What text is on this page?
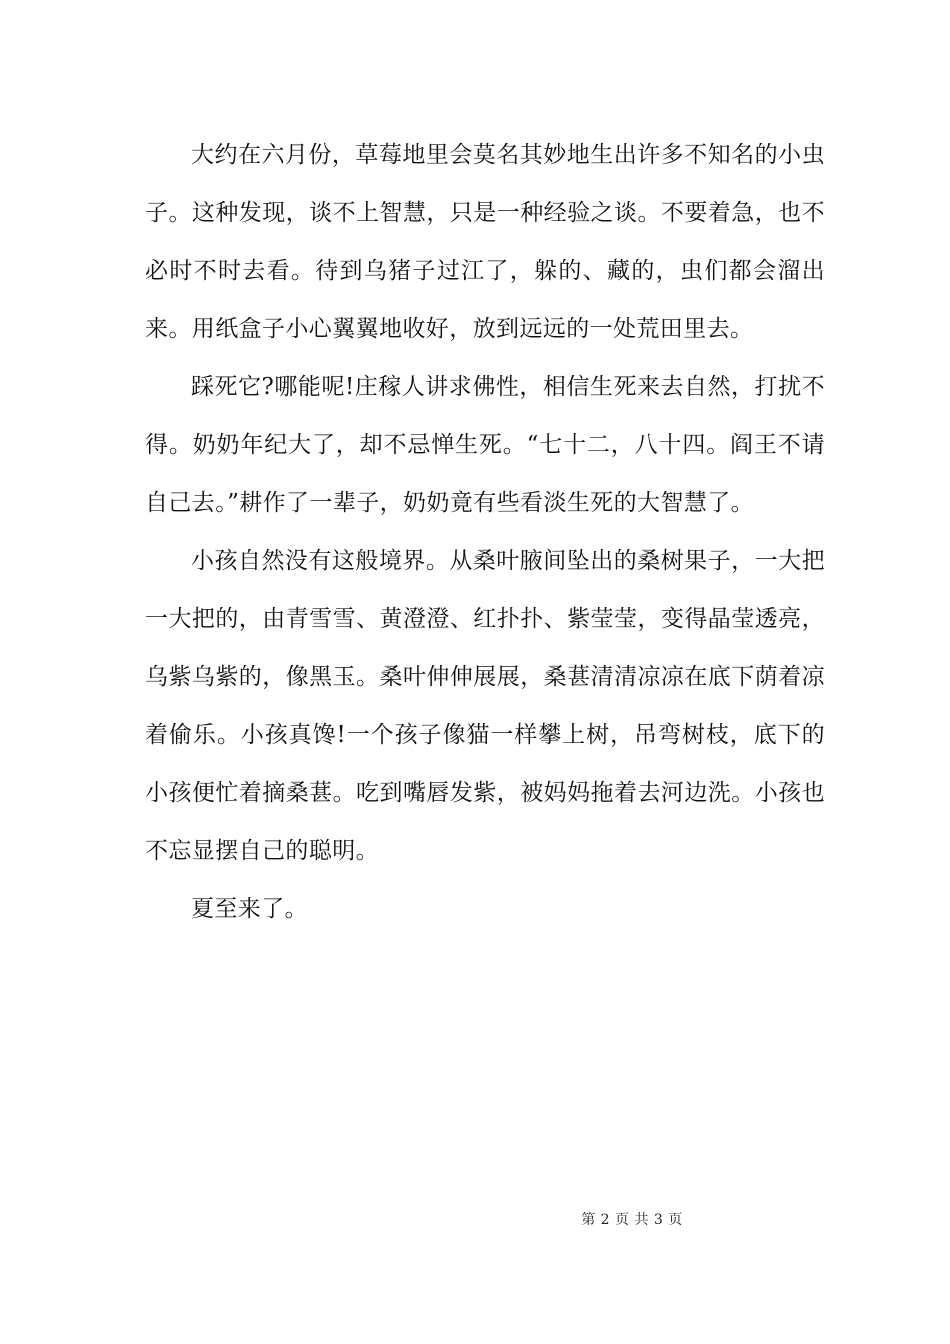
大约在六月份，草莓地里会莫名其妙地生出许多不知名的小虫子。这种发现，谈不上智慧，只是一种经验之谈。不要着急，也不必时不时去看。待到乌猪子过江了，躲的、藏的，虫们都会溜出来。用纸盒子小心翼翼地收好，放到远远的一处荒田里去。

踩死它?哪能呢!庄稼人讲求佛性，相信生死来去自然，打扰不得。奶奶年纪大了，却不忌惮生死。“七十二，八十四。阎王不请自己去。”耕作了一辈子，奶奶竟有些看淡生死的大智慧了。

小孩自然没有这般境界。从桑叶腋间坠出的桑树果子，一大把一大把的，由青雪雪、黄澄澄、红扑扑、紫莹莹，变得晶莹透亮，乌紫乌紫的，像黑玉。桑叶伸伸展展，桑葚清清凉凉在底下荫着凉着偷乐。小孩真馋!一个孩子像猫一样攀上树，吊弯树枝，底下的小孩便忙着摘桑葚。吃到嘴唇发紫，被妈妈拖着去河边洗。小孩也不忘显摆自己的聪明。

夏至来了。

第 2 页 共 3 页
